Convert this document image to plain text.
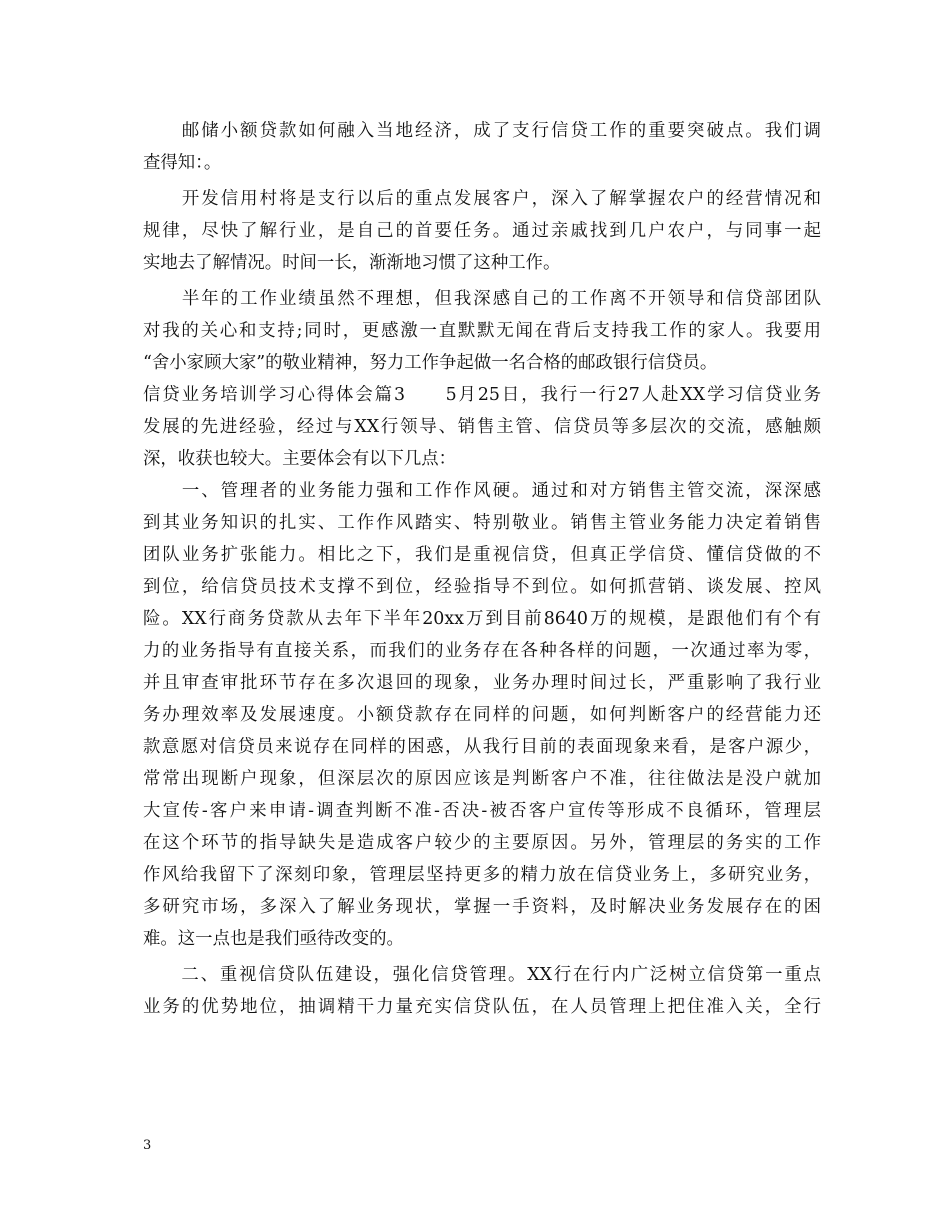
　　邮储小额贷款如何融入当地经济，成了支行信贷工作的重要突破点。我们调
查得知：。
　　开发信用村将是支行以后的重点发展客户，深入了解掌握农户的经营情况和
规律，尽快了解行业，是自己的首要任务。通过亲戚找到几户农户，与同事一起
实地去了解情况。时间一长，渐渐地习惯了这种工作。
　　半年的工作业绩虽然不理想，但我深感自己的工作离不开领导和信贷部团队
对我的关心和支持;同时，更感激一直默默无闻在背后支持我工作的家人。我要用
“舍小家顾大家”的敬业精神，努力工作争起做一名合格的邮政银行信贷员。
信贷业务培训学习心得体会篇3　　5月25日，我行一行27人赴XX学习信贷业务
发展的先进经验，经过与XX行领导、销售主管、信贷员等多层次的交流，感触颇
深，收获也较大。主要体会有以下几点：
　　一、管理者的业务能力强和工作作风硬。通过和对方销售主管交流，深深感
到其业务知识的扎实、工作作风踏实、特别敬业。销售主管业务能力决定着销售
团队业务扩张能力。相比之下，我们是重视信贷，但真正学信贷、懂信贷做的不
到位，给信贷员技术支撑不到位，经验指导不到位。如何抓营销、谈发展、控风
险。XX行商务贷款从去年下半年20xx万到目前8640万的规模，是跟他们有个有
力的业务指导有直接关系，而我们的业务存在各种各样的问题，一次通过率为零，
并且审查审批环节存在多次退回的现象，业务办理时间过长，严重影响了我行业
务办理效率及发展速度。小额贷款存在同样的问题，如何判断客户的经营能力还
款意愿对信贷员来说存在同样的困惑，从我行目前的表面现象来看，是客户源少，
常常出现断户现象，但深层次的原因应该是判断客户不准，往往做法是没户就加
大宣传-客户来申请-调查判断不准-否决-被否客户宣传等形成不良循环，管理层
在这个环节的指导缺失是造成客户较少的主要原因。另外，管理层的务实的工作
作风给我留下了深刻印象，管理层坚持更多的精力放在信贷业务上，多研究业务，
多研究市场，多深入了解业务现状，掌握一手资料，及时解决业务发展存在的困
难。这一点也是我们亟待改变的。
　　二、重视信贷队伍建设，强化信贷管理。XX行在行内广泛树立信贷第一重点
业务的优势地位，抽调精干力量充实信贷队伍，在人员管理上把住准入关，全行
3
